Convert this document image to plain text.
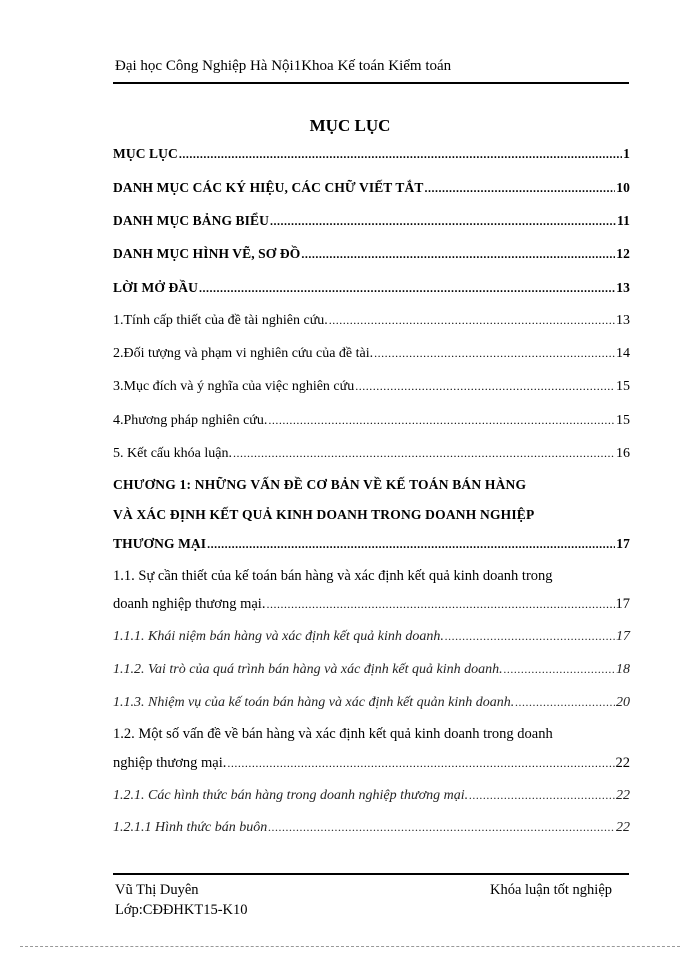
Đại học Công Nghiệp Hà Nội1Khoa Kế toán Kiểm toán
MỤC LỤC
MỤC LỤC .....	1
DANH MỤC CÁC KÝ HIỆU, CÁC CHỮ VIẾT TẮT .....	10
DANH MỤC BẢNG BIỂU .....	11
DANH MỤC HÌNH VẼ, SƠ ĐỒ .....	12
LỜI MỞ ĐẦU .....	13
1.Tính cấp thiết của đề tài nghiên cứu. .....	13
2.Đối tượng và phạm vi nghiên cứu của đề tài. .....	14
3.Mục đích và ý nghĩa của việc nghiên cứu .....	15
4.Phương pháp nghiên cứu. .....	15
5. Kết cấu khóa luận. .....	16
CHƯƠNG 1: NHỮNG VẤN ĐỀ CƠ BẢN VỀ KẾ TOÁN BÁN HÀNG
VÀ XÁC ĐỊNH KẾT QUẢ KINH DOANH TRONG DOANH NGHIỆP
THƯƠNG MẠI .....	17
1.1. Sự cần thiết của kế toán bán hàng và xác định kết quả kinh doanh trong
doanh nghiệp thương mại. .....	17
1.1.1. Khái niệm bán hàng và xác định kết quả kinh doanh. .....	17
1.1.2. Vai trò của quá trình bán hàng và xác định kết quả kinh doanh. .....	18
1.1.3. Nhiệm vụ của kế toán bán hàng và xác định kết quản kinh doanh. .....	20
1.2. Một số vấn đề về bán hàng và xác định kết quả kinh doanh trong doanh
nghiệp thương mại. .....	22
1.2.1. Các hình thức bán hàng trong doanh nghiệp thương mại. .....	22
1.2.1.1 Hình thức bán buôn .....	22
Vũ Thị Duyên
Lớp:CĐĐHKT15-K10
Khóa luận tốt nghiệp
